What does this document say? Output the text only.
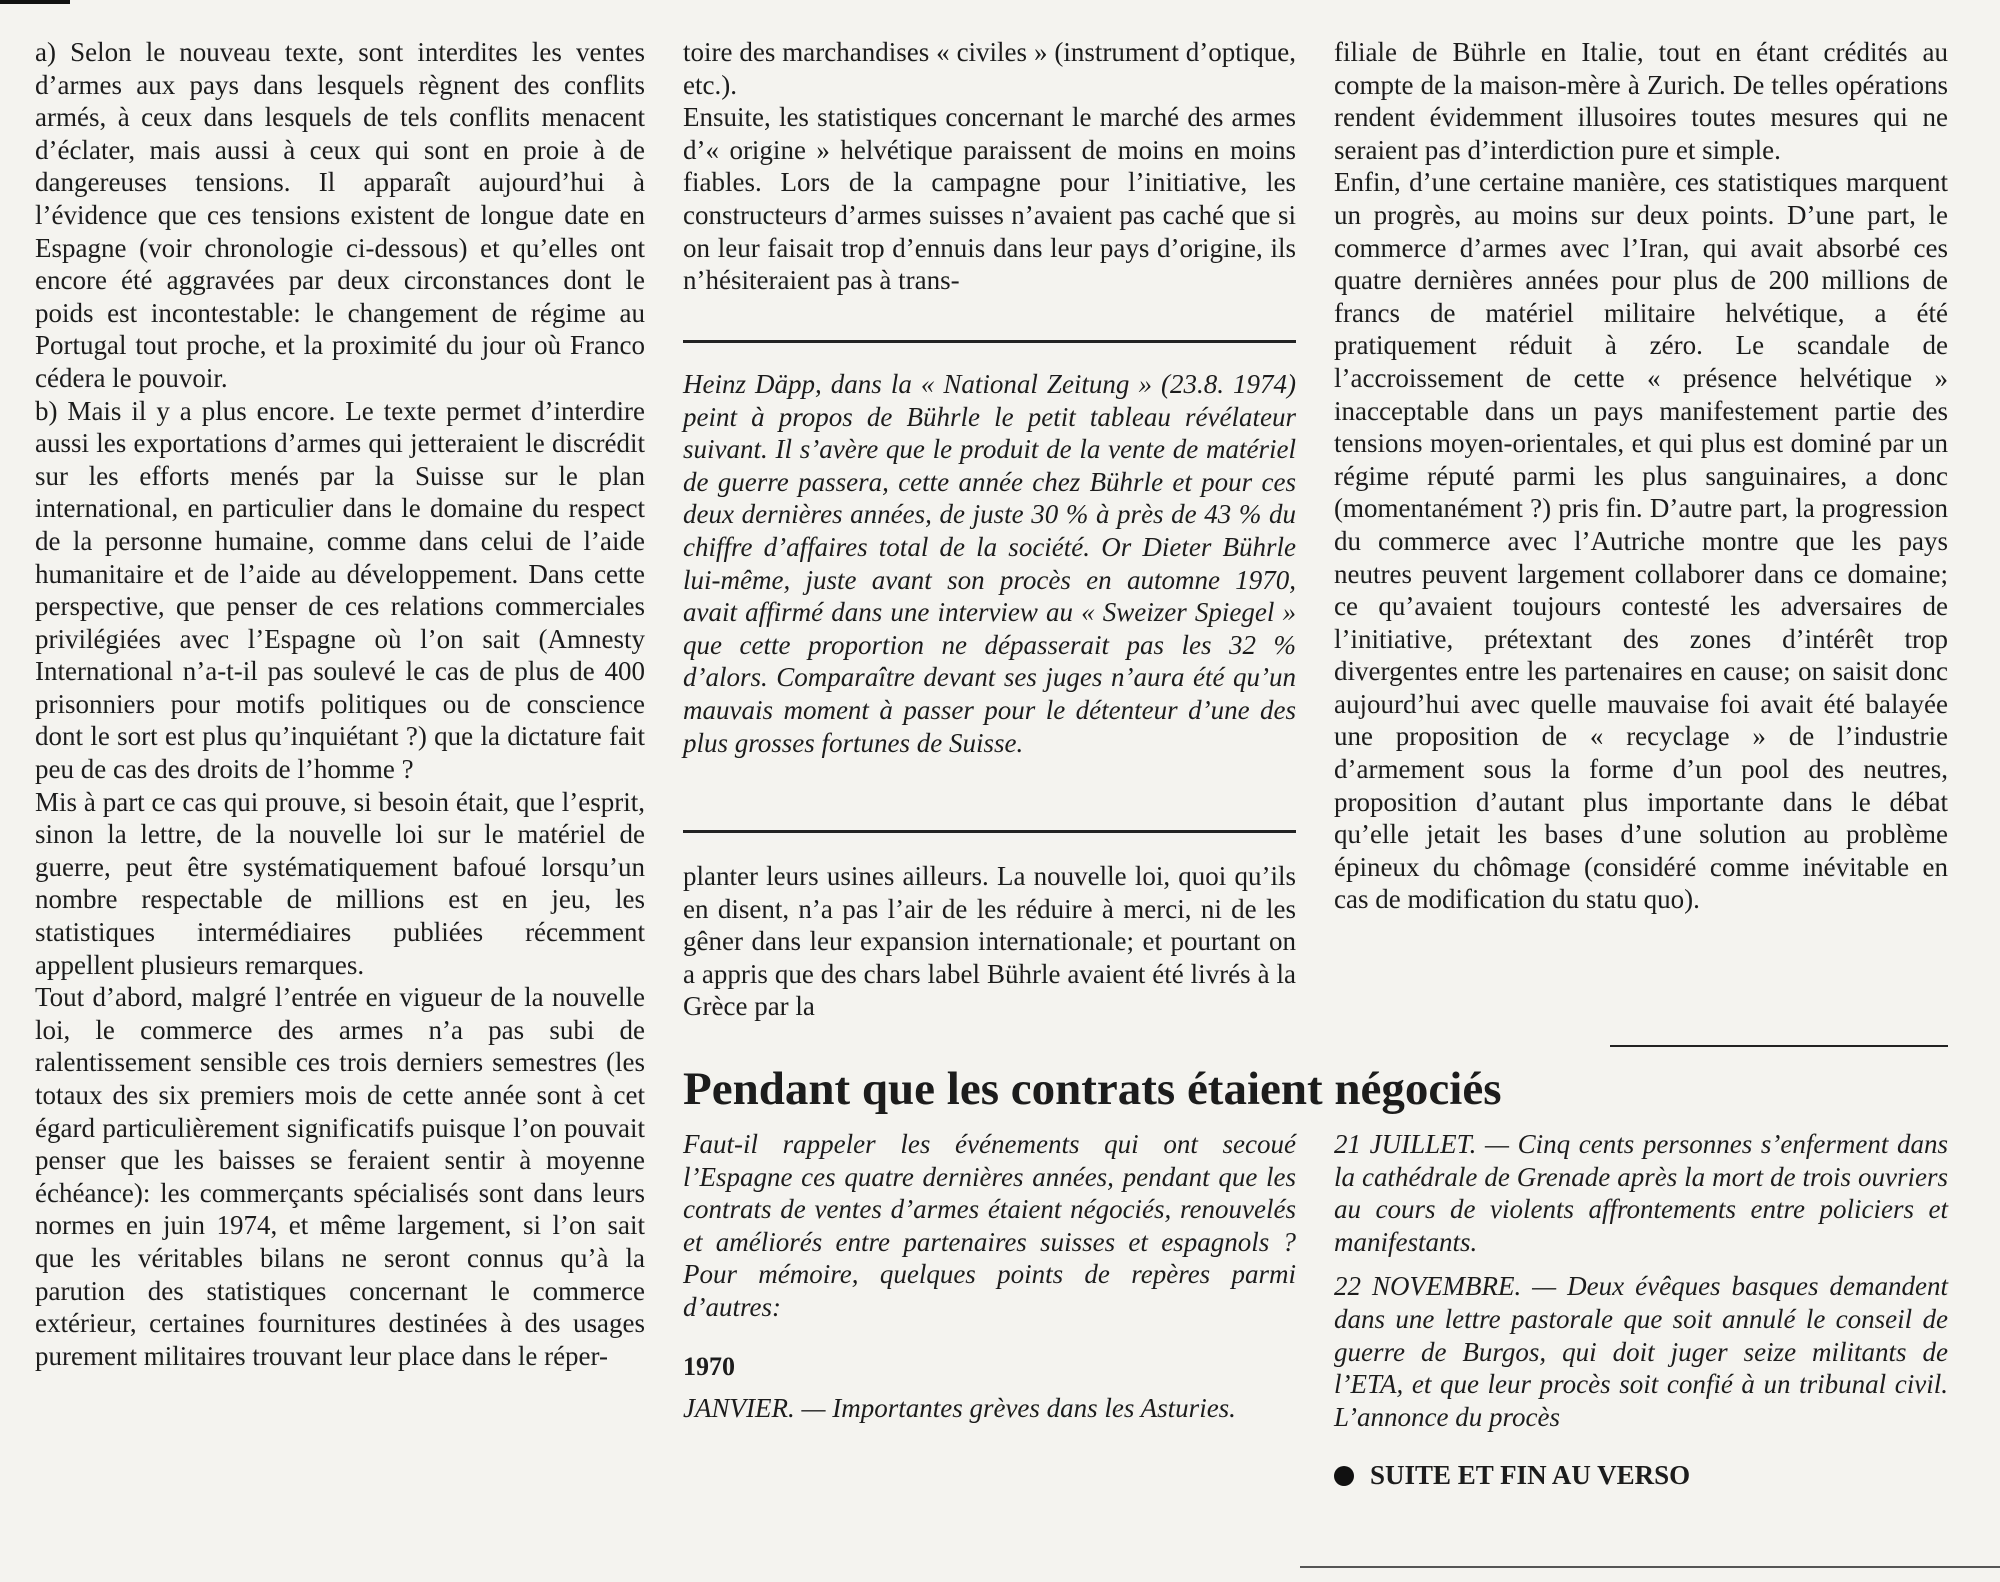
a) Selon le nouveau texte, sont interdites les ventes d’armes aux pays dans lesquels règnent des conflits armés, à ceux dans lesquels de tels conflits menacent d’éclater, mais aussi à ceux qui sont en proie à de dangereuses tensions. Il apparaît aujourd’hui à l’évidence que ces tensions existent de longue date en Espagne (voir chronologie ci-dessous) et qu’elles ont encore été aggravées par deux circonstances dont le poids est incontestable: le changement de régime au Portugal tout proche, et la proximité du jour où Franco cédera le pouvoir.

b) Mais il y a plus encore. Le texte permet d’interdire aussi les exportations d’armes qui jetteraient le discrédit sur les efforts menés par la Suisse sur le plan international, en particulier dans le domaine du respect de la personne humaine, comme dans celui de l’aide humanitaire et de l’aide au développement. Dans cette perspective, que penser de ces relations commerciales privilégiées avec l’Espagne où l’on sait (Amnesty International n’a-t-il pas soulevé le cas de plus de 400 prisonniers pour motifs politiques ou de conscience dont le sort est plus qu’inquiétant ?) que la dictature fait peu de cas des droits de l’homme ?

Mis à part ce cas qui prouve, si besoin était, que l’esprit, sinon la lettre, de la nouvelle loi sur le matériel de guerre, peut être systématiquement bafoué lorsqu’un nombre respectable de millions est en jeu, les statistiques intermédiaires publiées récemment appellent plusieurs remarques.

Tout d’abord, malgré l’entrée en vigueur de la nouvelle loi, le commerce des armes n’a pas subi de ralentissement sensible ces trois derniers semestres (les totaux des six premiers mois de cette année sont à cet égard particulièrement significatifs puisque l’on pouvait penser que les baisses se feraient sentir à moyenne échéance): les commerçants spécialisés sont dans leurs normes en juin 1974, et même largement, si l’on sait que les véritables bilans ne seront connus qu’à la parution des statistiques concernant le commerce extérieur, certaines fournitures destinées à des usages purement militaires trouvant leur place dans le réper-

toire des marchandises « civiles » (instrument d’optique, etc.).

Ensuite, les statistiques concernant le marché des armes d’« origine » helvétique paraissent de moins en moins fiables. Lors de la campagne pour l’initiative, les constructeurs d’armes suisses n’avaient pas caché que si on leur faisait trop d’ennuis dans leur pays d’origine, ils n’hésiteraient pas à trans-

Heinz Däpp, dans la « National Zeitung » (23.8. 1974) peint à propos de Bührle le petit tableau révélateur suivant. Il s’avère que le produit de la vente de matériel de guerre passera, cette année chez Bührle et pour ces deux dernières années, de juste 30 % à près de 43 % du chiffre d’affaires total de la société. Or Dieter Bührle lui-même, juste avant son procès en automne 1970, avait affirmé dans une interview au « Sweizer Spiegel » que cette proportion ne dépasserait pas les 32 % d’alors. Comparaître devant ses juges n’aura été qu’un mauvais moment à passer pour le détenteur d’une des plus grosses fortunes de Suisse.

planter leurs usines ailleurs. La nouvelle loi, quoi qu’ils en disent, n’a pas l’air de les réduire à merci, ni de les gêner dans leur expansion internationale; et pourtant on a appris que des chars label Bührle avaient été livrés à la Grèce par la

filiale de Bührle en Italie, tout en étant crédités au compte de la maison-mère à Zurich. De telles opérations rendent évidemment illusoires toutes mesures qui ne seraient pas d’interdiction pure et simple.

Enfin, d’une certaine manière, ces statistiques marquent un progrès, au moins sur deux points. D’une part, le commerce d’armes avec l’Iran, qui avait absorbé ces quatre dernières années pour plus de 200 millions de francs de matériel militaire helvétique, a été pratiquement réduit à zéro. Le scandale de l’accroissement de cette « présence helvétique » inacceptable dans un pays manifestement partie des tensions moyen-orientales, et qui plus est dominé par un régime réputé parmi les plus sanguinaires, a donc (momentanément ?) pris fin. D’autre part, la progression du commerce avec l’Autriche montre que les pays neutres peuvent largement collaborer dans ce domaine; ce qu’avaient toujours contesté les adversaires de l’initiative, prétextant des zones d’intérêt trop divergentes entre les partenaires en cause; on saisit donc aujourd’hui avec quelle mauvaise foi avait été balayée une proposition de « recyclage » de l’industrie d’armement sous la forme d’un pool des neutres, proposition d’autant plus importante dans le débat qu’elle jetait les bases d’une solution au problème épineux du chômage (considéré comme inévitable en cas de modification du statu quo).

Pendant que les contrats étaient négociés

Faut-il rappeler les événements qui ont secoué l’Espagne ces quatre dernières années, pendant que les contrats de ventes d’armes étaient négociés, renouvelés et améliorés entre partenaires suisses et espagnols ? Pour mémoire, quelques points de repères parmi d’autres:

1970

JANVIER. — Importantes grèves dans les Asturies.

21 JUILLET. — Cinq cents personnes s’enferment dans la cathédrale de Grenade après la mort de trois ouvriers au cours de violents affrontements entre policiers et manifestants.

22 NOVEMBRE. — Deux évêques basques demandent dans une lettre pastorale que soit annulé le conseil de guerre de Burgos, qui doit juger seize militants de l’ETA, et que leur procès soit confié à un tribunal civil. L’annonce du procès

SUITE ET FIN AU VERSO
